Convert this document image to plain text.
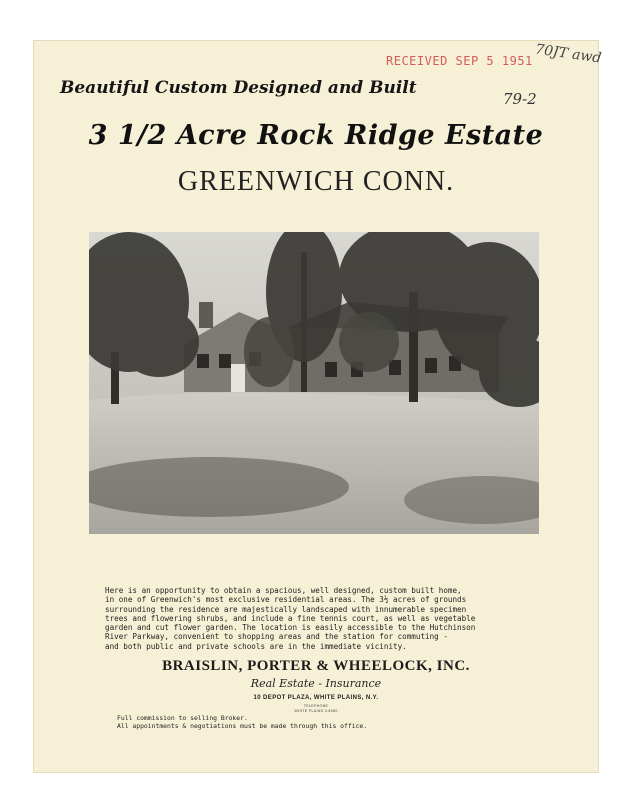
RECEIVED SEP 5 1951 70JT awd
79-2
Beautiful Custom Designed and Built
3 1/2 Acre Rock Ridge Estate
GREENWICH CONN.
Here is an opportunity to obtain a spacious, well designed, custom built home,
in one of Greenwich's most exclusive residential areas. The 3½ acres of grounds
surrounding the residence are majestically landscaped with innumerable specimen
trees and flowering shrubs, and include a fine tennis court, as well as vegetable
garden and cut flower garden. The location is easily accessible to the Hutchinson
River Parkway, convenient to shopping areas and the station for commuting -
and both public and private schools are in the immediate vicinity.
BRAISLIN, PORTER & WHEELOCK, INC.
Real Estate - Insurance
10 DEPOT PLAZA, WHITE PLAINS, N.Y.
TELEPHONE
WHITE PLAINS 9-8060
Full commission to selling Broker.
All appointments & negotiations must be made through this office.
